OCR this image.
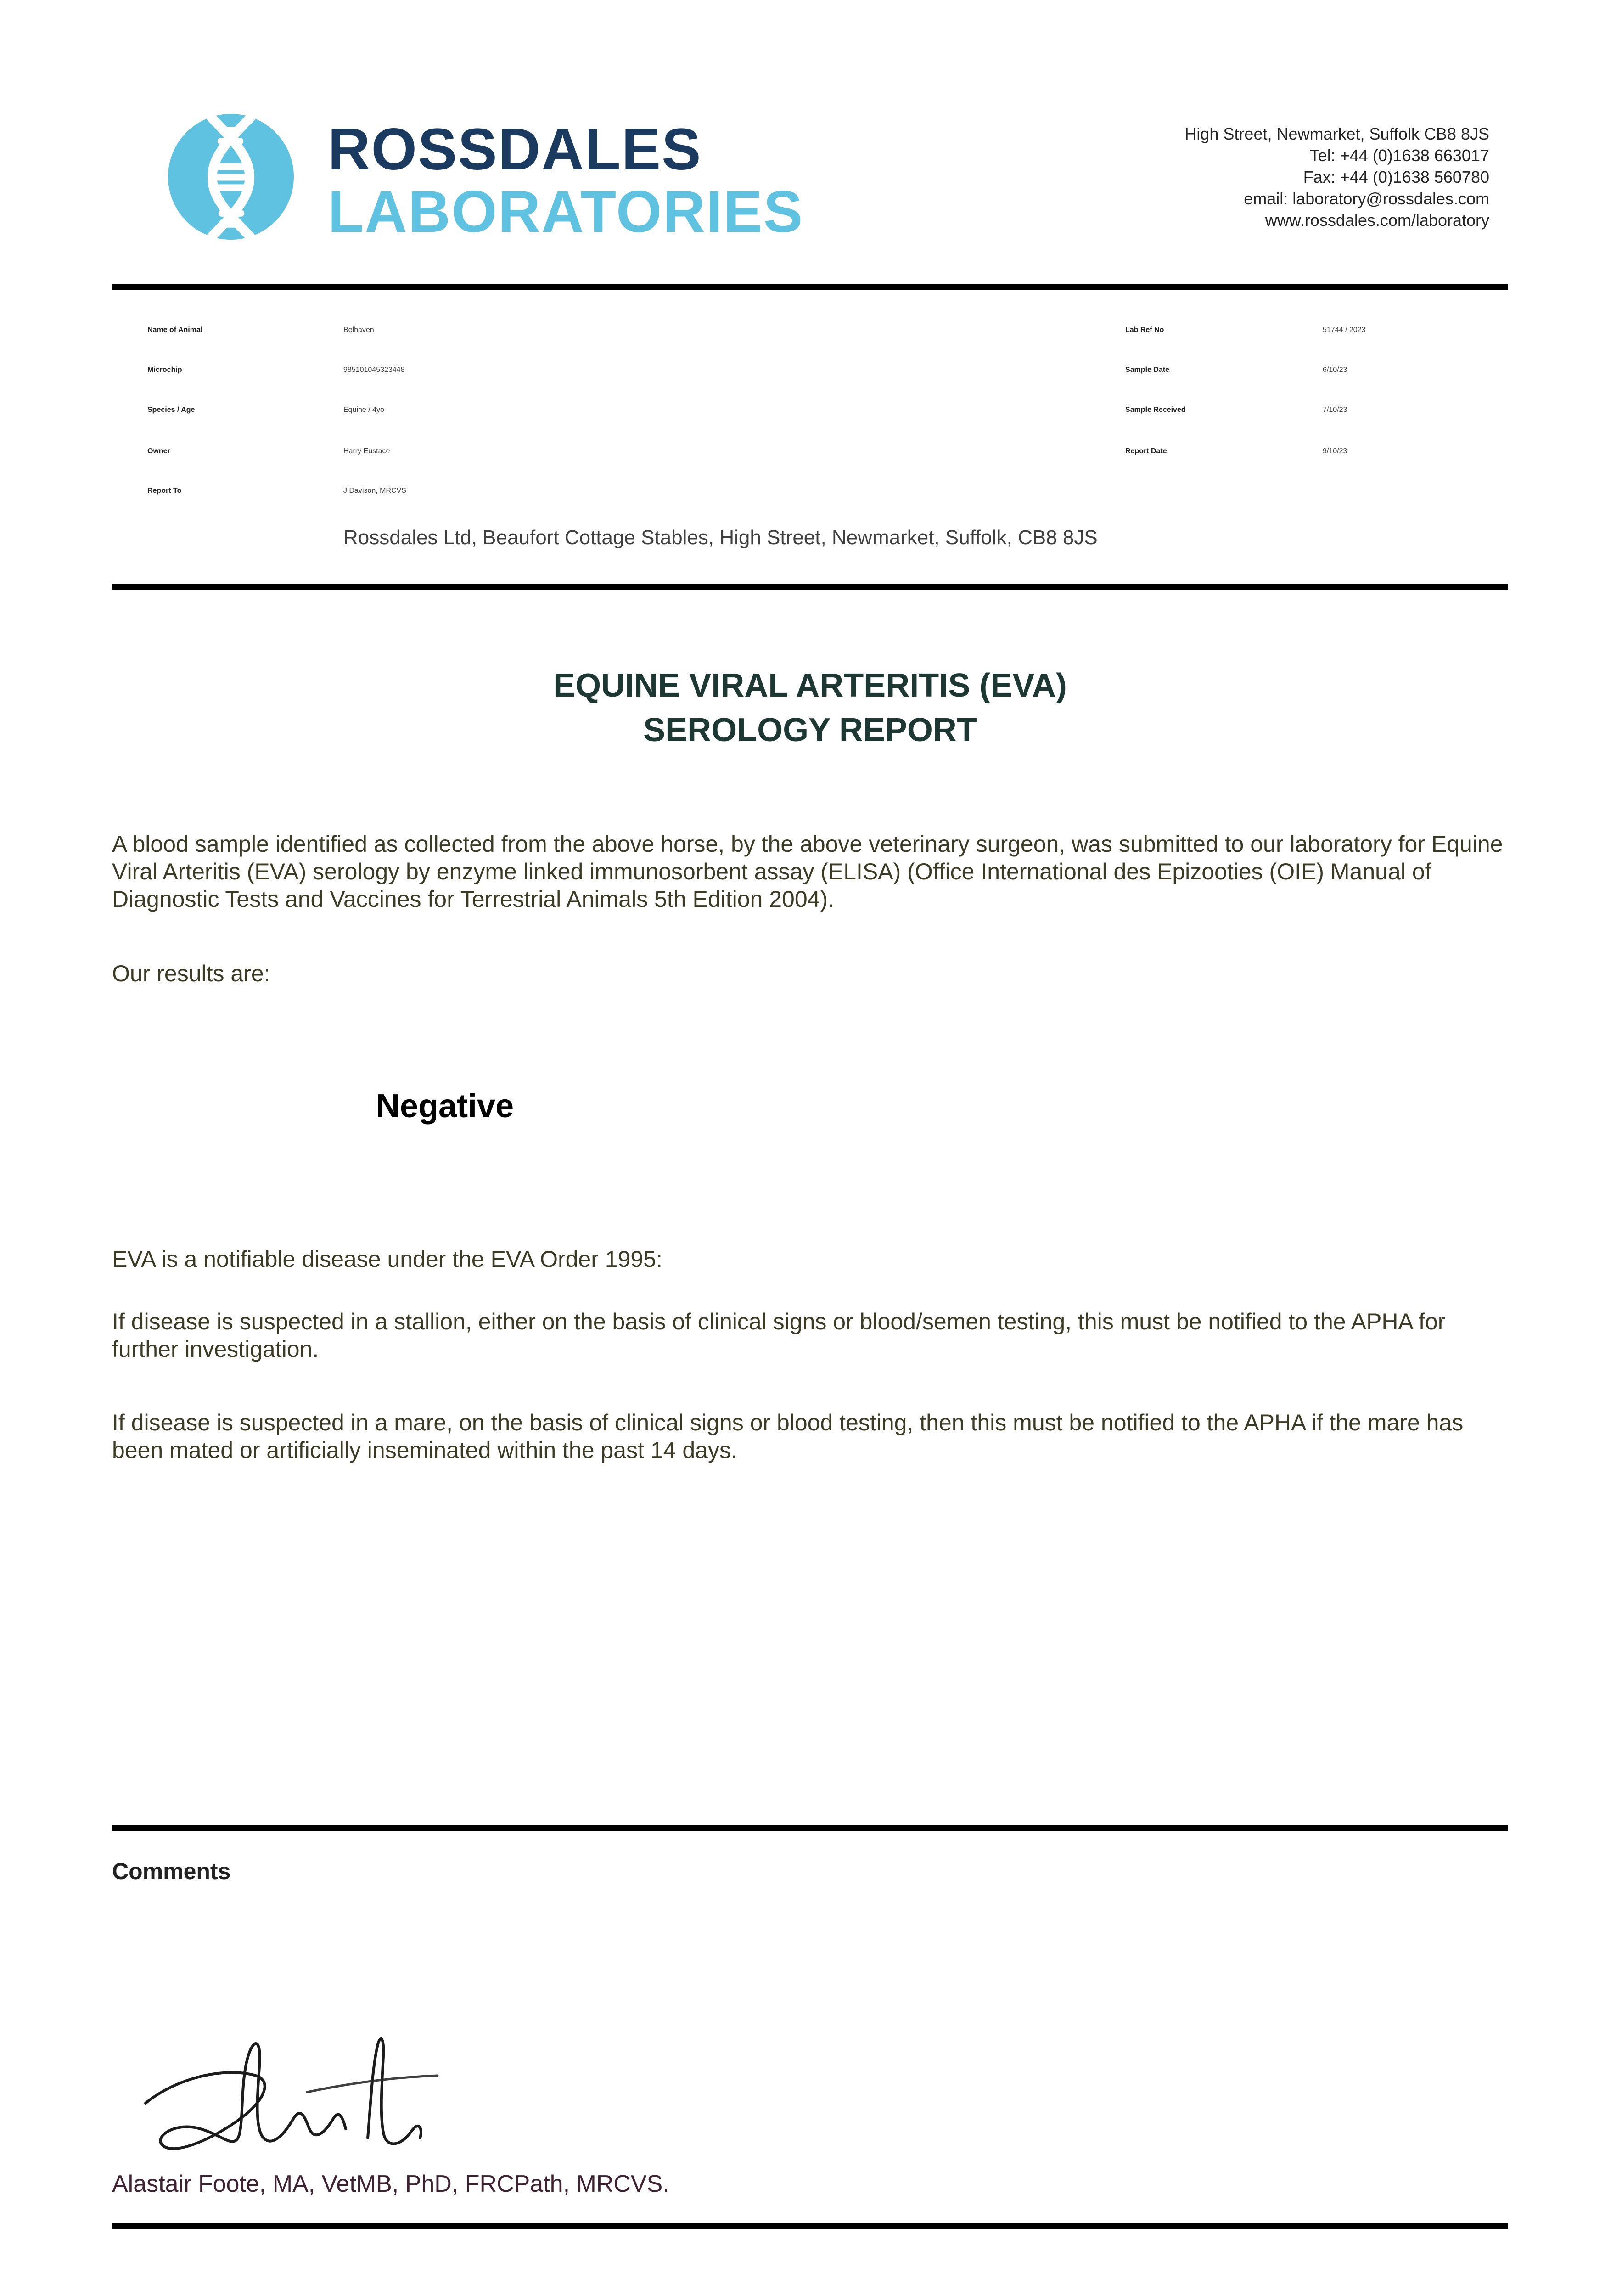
ROSSDALES
LABORATORIES
High Street, Newmarket, Suffolk CB8 8JS
Tel: +44 (0)1638 663017
Fax: +44 (0)1638 560780
email: laboratory@rossdales.com
www.rossdales.com/laboratory
Name of Animal	Belhaven
Microchip	985101045323448
Species / Age	Equine / 4yo
Owner	Harry Eustace
Report To	J Davison, MRCVS
Rossdales Ltd, Beaufort Cottage Stables, High Street, Newmarket, Suffolk, CB8 8JS
Lab Ref No	51744 / 2023
Sample Date	6/10/23
Sample Received	7/10/23
Report Date	9/10/23
EQUINE VIRAL ARTERITIS (EVA)
SEROLOGY REPORT
A blood sample identified as collected from the above horse, by the above veterinary surgeon, was submitted to our laboratory for Equine Viral Arteritis (EVA) serology by enzyme linked immunosorbent assay (ELISA) (Office International des Epizooties (OIE) Manual of Diagnostic Tests and Vaccines for Terrestrial Animals 5th Edition 2004).
Our results are:
Negative
EVA is a notifiable disease under the EVA Order 1995:
If disease is suspected in a stallion, either on the basis of clinical signs or blood/semen testing, this must be notified to the APHA for further investigation.
If disease is suspected in a mare, on the basis of clinical signs or blood testing, then this must be notified to the APHA if the mare has been mated or artificially inseminated within the past 14 days.
Comments
Alastair Foote, MA, VetMB, PhD, FRCPath, MRCVS.
